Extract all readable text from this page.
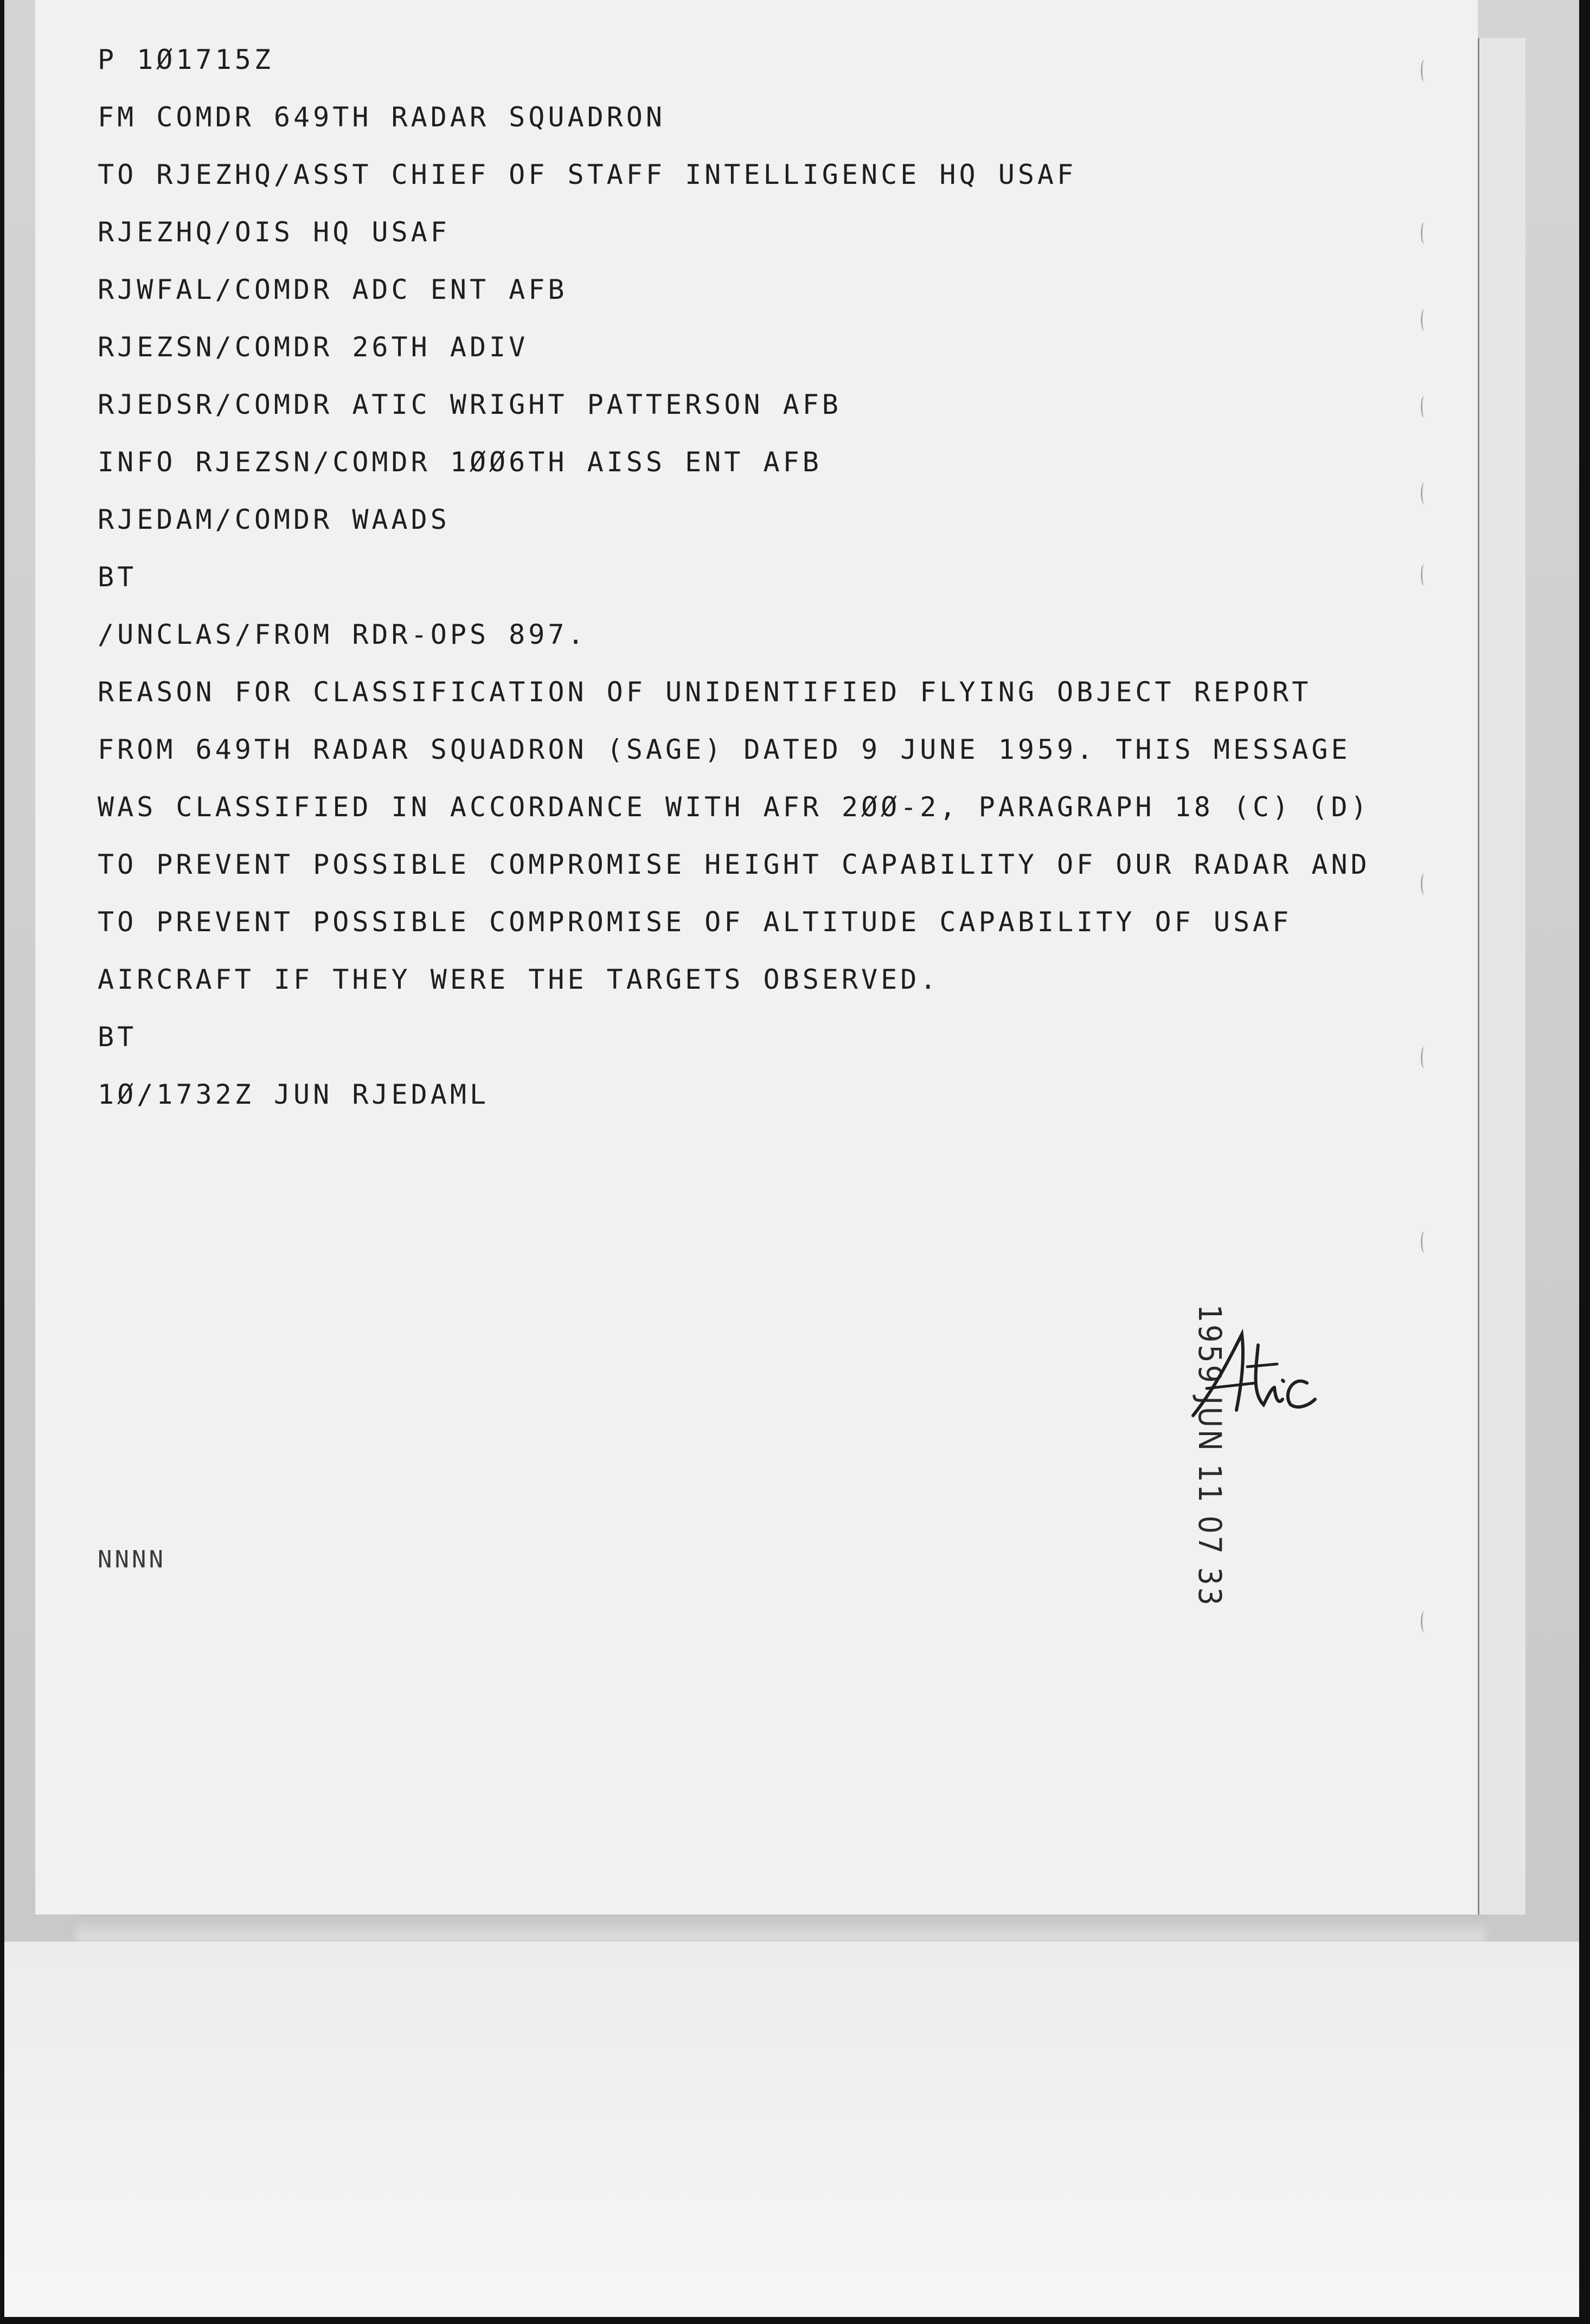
P 1Ø1715Z

FM COMDR 649TH RADAR SQUADRON

TO RJEZHQ/ASST CHIEF OF STAFF INTELLIGENCE HQ USAF

RJEZHQ/OIS HQ USAF

RJWFAL/COMDR ADC ENT AFB

RJEZSN/COMDR 26TH ADIV

RJEDSR/COMDR ATIC WRIGHT PATTERSON AFB

INFO RJEZSN/COMDR 1ØØ6TH AISS ENT AFB

RJEDAM/COMDR WAADS

BT

/UNCLAS/FROM RDR-OPS 897.

REASON FOR CLASSIFICATION OF UNIDENTIFIED FLYING OBJECT REPORT

FROM 649TH RADAR SQUADRON (SAGE) DATED 9 JUNE 1959. THIS MESSAGE

WAS CLASSIFIED IN ACCORDANCE WITH AFR 2ØØ-2, PARAGRAPH 18 (C) (D)

TO PREVENT POSSIBLE COMPROMISE HEIGHT CAPABILITY OF OUR RADAR AND

TO PREVENT POSSIBLE COMPROMISE OF ALTITUDE CAPABILITY OF USAF

AIRCRAFT IF THEY WERE THE TARGETS OBSERVED.

BT

1Ø/1732Z JUN RJEDAML

1959 JUN 11 07 33

NNNN
